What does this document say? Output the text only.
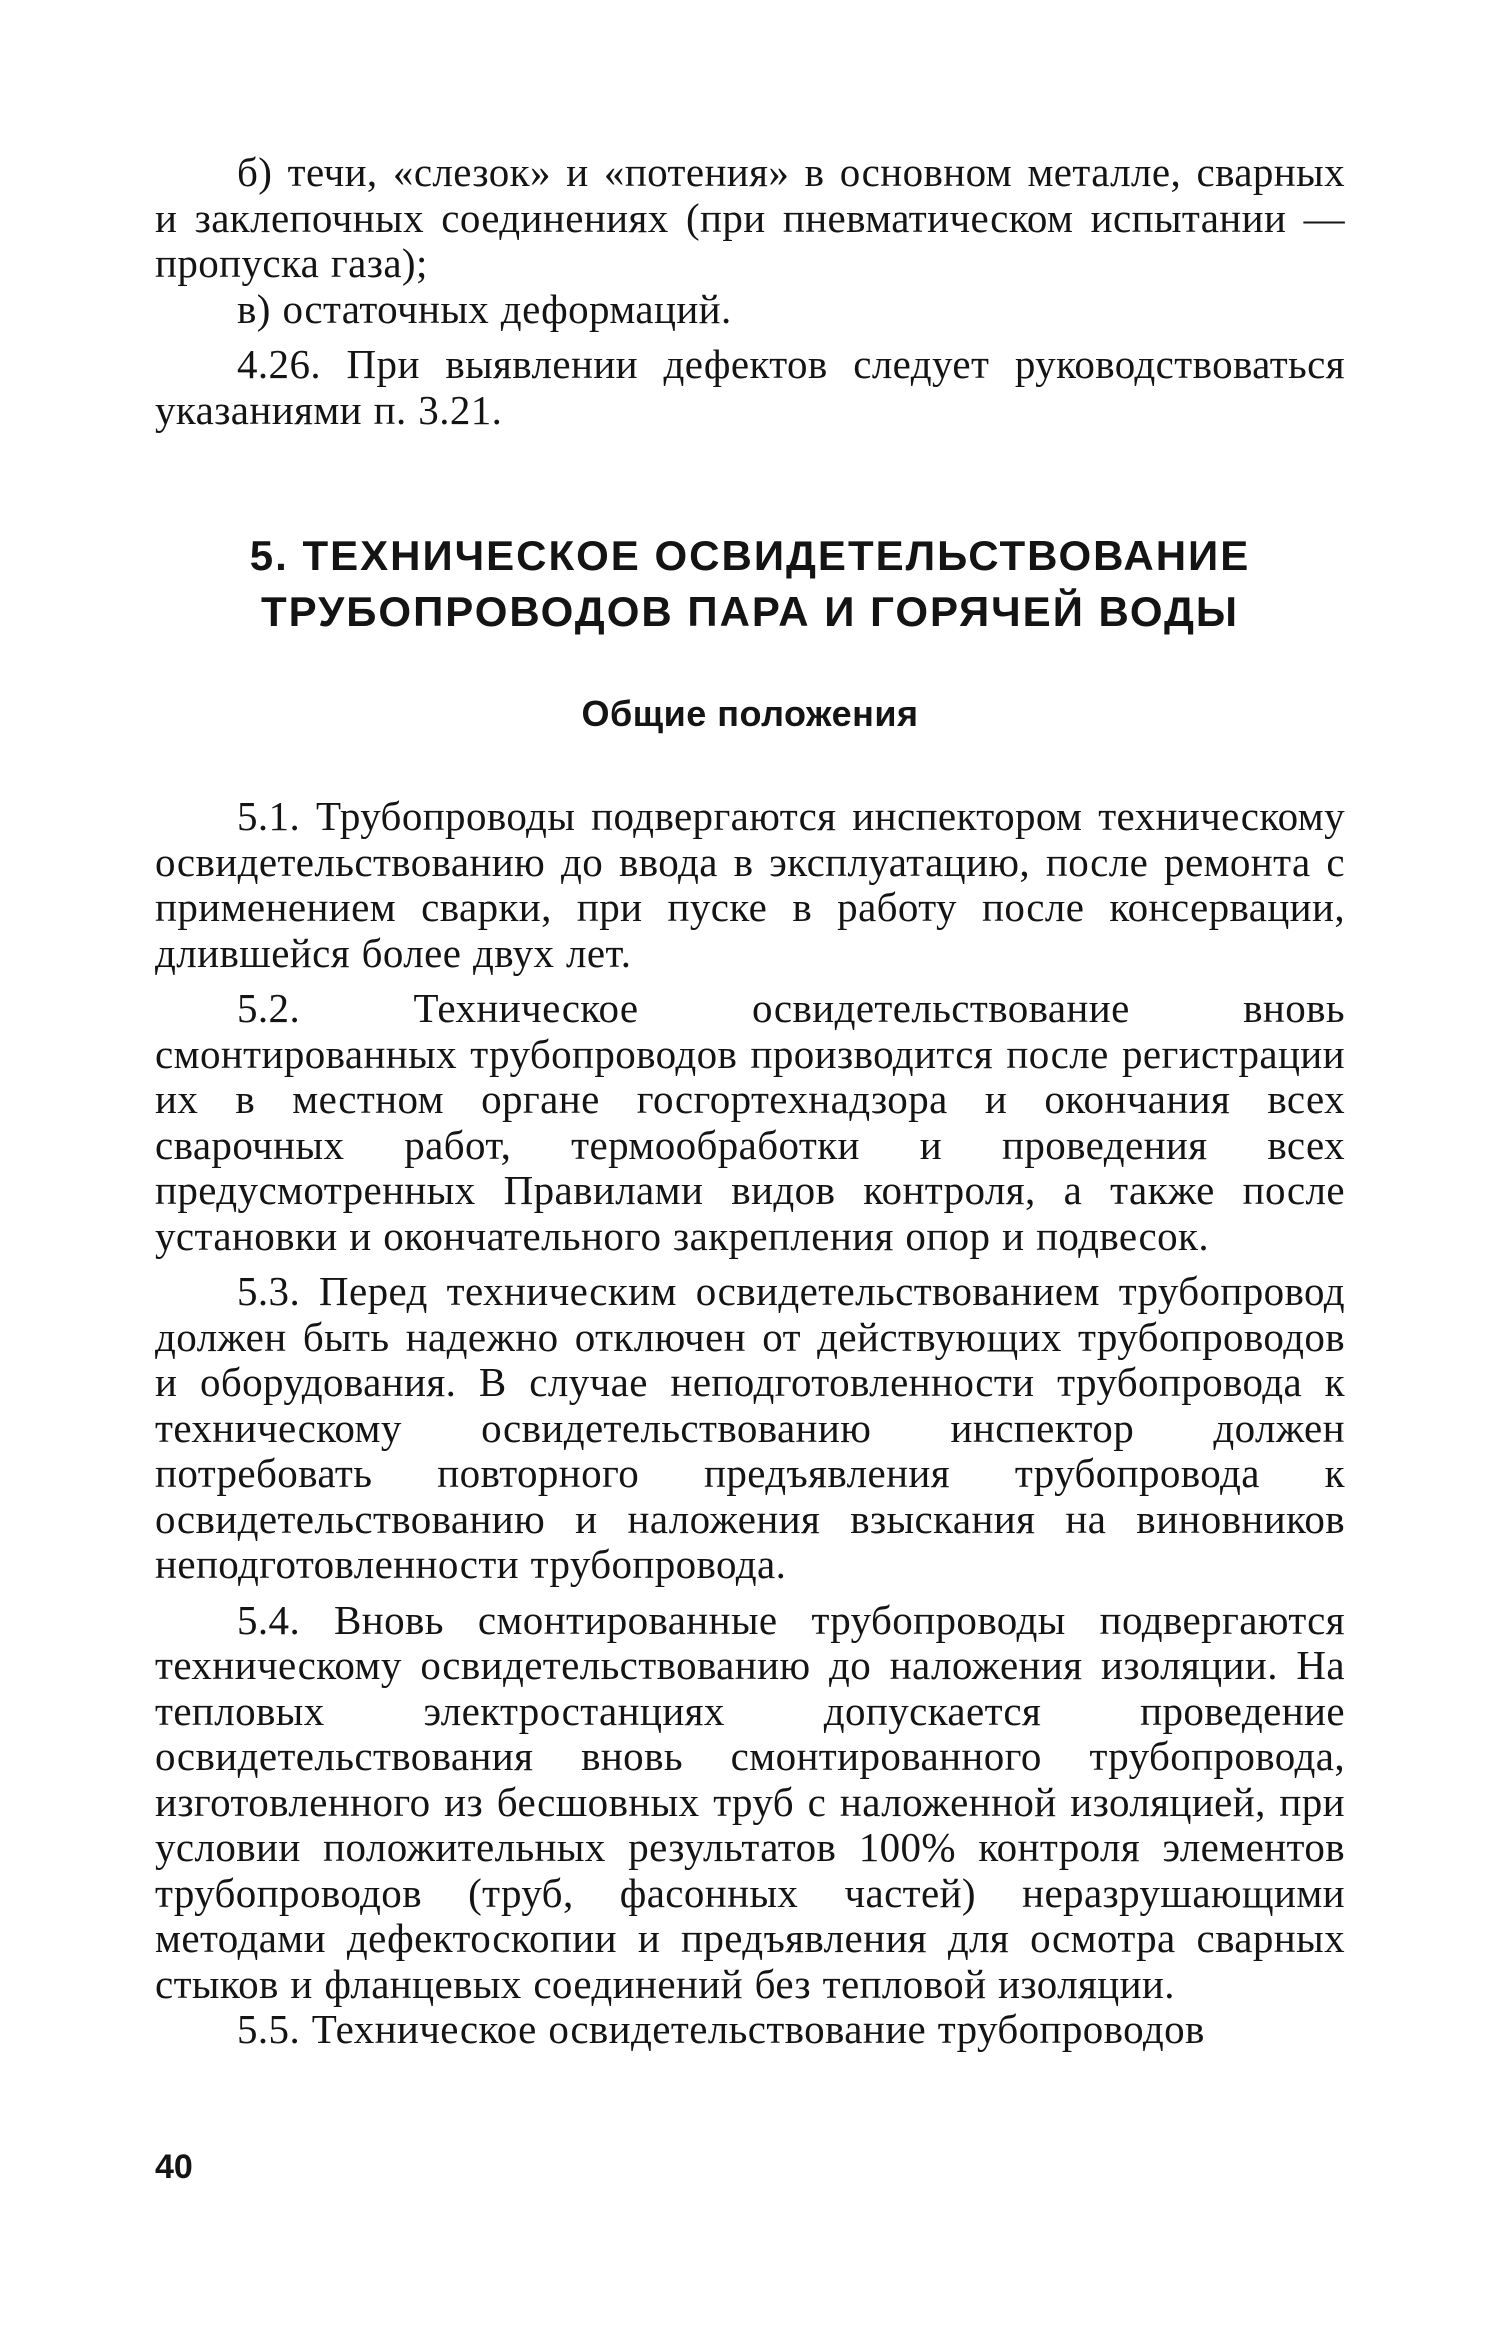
б) течи, «слезок» и «потения» в основном металле, сварных и заклепочных соединениях (при пневматическом испытании — пропуска газа);

в) остаточных деформаций.

4.26. При выявлении дефектов следует руководствоваться указаниями п. 3.21.

5. ТЕХНИЧЕСКОЕ ОСВИДЕТЕЛЬСТВОВАНИЕ
ТРУБОПРОВОДОВ ПАРА И ГОРЯЧЕЙ ВОДЫ
Общие положения

5.1. Трубопроводы подвергаются инспектором техническому освидетельствованию до ввода в эксплуатацию, после ремонта с применением сварки, при пуске в работу после консервации, длившейся более двух лет.

5.2. Техническое освидетельствование вновь смонтированных трубопроводов производится после регистрации их в местном органе госгортехнадзора и окончания всех сварочных работ, термообработки и проведения всех предусмотренных Правилами видов контроля, а также после установки и окончательного закрепления опор и подвесок.

5.3. Перед техническим освидетельствованием трубопровод должен быть надежно отключен от действующих трубопроводов и оборудования. В случае неподготовленности трубопровода к техническому освидетельствованию инспектор должен потребовать повторного предъявления трубопровода к освидетельствованию и наложения взыскания на виновников неподготовленности трубопровода.

5.4. Вновь смонтированные трубопроводы подвергаются техническому освидетельствованию до наложения изоляции. На тепловых электростанциях допускается проведение освидетельствования вновь смонтированного трубопровода, изготовленного из бесшовных труб с наложенной изоляцией, при условии положительных результатов 100% контроля элементов трубопроводов (труб, фасонных частей) неразрушающими методами дефектоскопии и предъявления для осмотра сварных стыков и фланцевых соединений без тепловой изоляции.

5.5. Техническое освидетельствование трубопроводов

40
